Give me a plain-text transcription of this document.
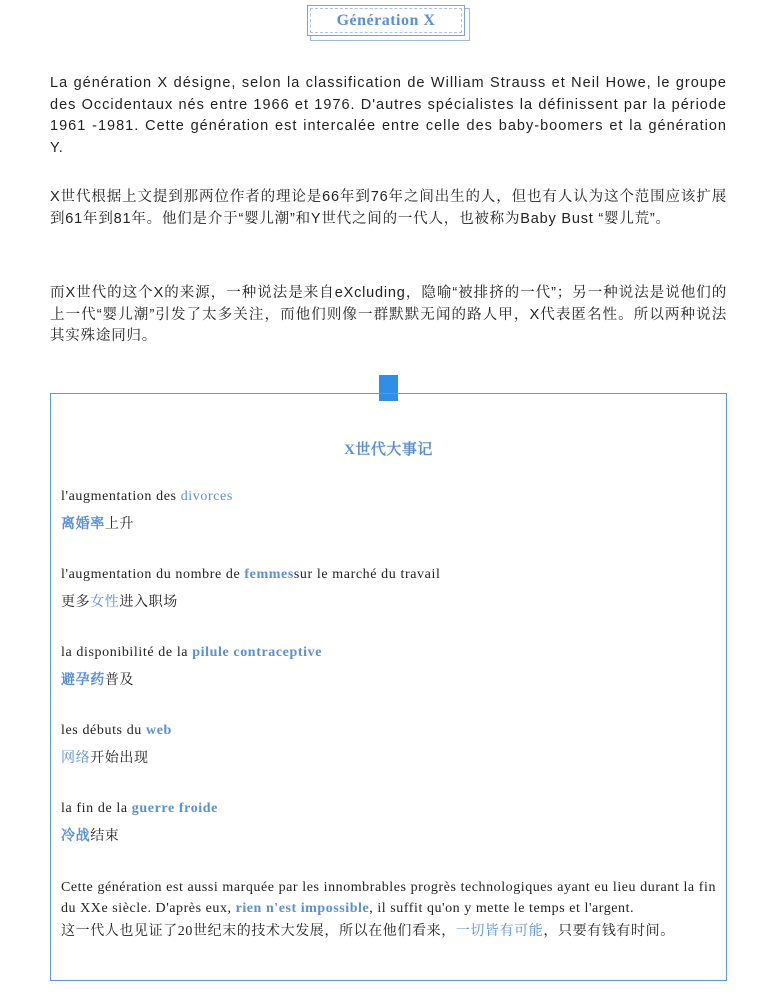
Génération X
La génération X désigne, selon la classification de William Strauss et Neil Howe, le groupe des Occidentaux nés entre 1966 et 1976. D'autres spécialistes la définissent par la période 1961 -1981. Cette génération est intercalée entre celle des baby-boomers et la génération Y.
X世代根据上文提到那两位作者的理论是66年到76年之间出生的人，但也有人认为这个范围应该扩展到61年到81年。他们是介于“婴儿潮”和Y世代之间的一代人，也被称为Baby Bust “婴儿荒”。
而X世代的这个X的来源，一种说法是来自eXcluding，隐喻“被排挤的一代”；另一种说法是说他们的上一代“婴儿潮”引发了太多关注，而他们则像一群默默无闻的路人甲，X代表匿名性。所以两种说法其实殊途同归。
X世代大事记
l'augmentation des divorces
离婚率上升
l'augmentation du nombre de femmessur le marché du travail
更多女性进入职场
la disponibilité de la pilule contraceptive
避孕药普及
les débuts du web
网络开始出现
la fin de la guerre froide
冷战结束
Cette génération est aussi marquée par les innombrables progrès technologiques ayant eu lieu durant la fin du XXe siècle. D'après eux, rien n'est impossible, il suffit qu'on y mette le temps et l'argent.
这一代人也见证了20世纪末的技术大发展，所以在他们看来，一切皆有可能，只要有钱有时间。
